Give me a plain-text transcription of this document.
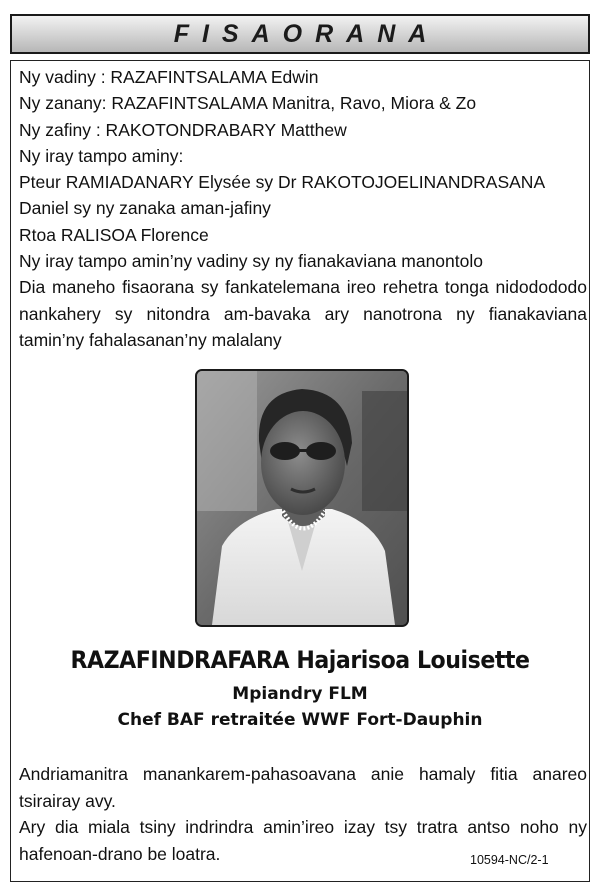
FISAORANA
Ny vadiny : RAZAFINTSALAMA Edwin
Ny zanany: RAZAFINTSALAMA Manitra, Ravo, Miora & Zo
Ny zafiny : RAKOTONDRABARY Matthew
Ny iray tampo aminy:
Pteur RAMIADANARY Elysée sy Dr RAKOTOJOELINANDRASANA
Daniel sy ny zanaka aman-jafiny
Rtoa RALISOA Florence
Ny iray tampo amin’ny vadiny sy ny fianakaviana manontolo
Dia maneho fisaorana sy fankatelemana ireo rehetra tonga nidodododo nankahery sy nitondra am-bavaka ary nanotrona ny fianakaviana tamin’ny fahalasanan’ny malalany
RAZAFINDRAFARA Hajarisoa Louisette
Mpiandry FLM
Chef BAF retraitée WWF Fort-Dauphin

Andriamanitra manankarem-pahasoavana anie hamaly fitia anareo tsirairay avy.

Ary dia miala tsiny indrindra amin’ireo izay tsy tratra antso noho ny hafenoan-drano be loatra.	10594-NC/2-1
